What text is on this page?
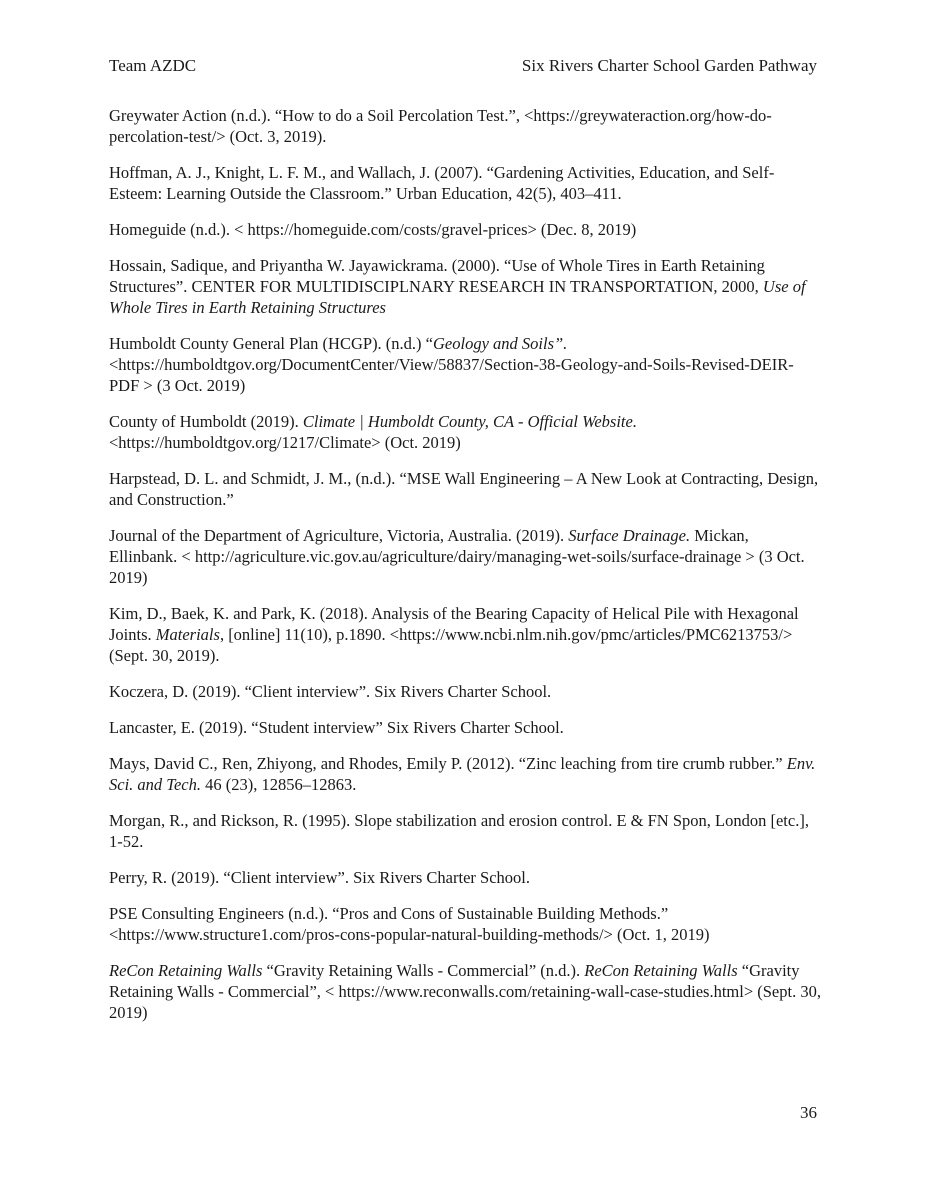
Team AZDC	Six Rivers Charter School Garden Pathway

Greywater Action (n.d.). “How to do a Soil Percolation Test.”, <https://greywateraction.org/how-do-percolation-test/> (Oct. 3, 2019).

Hoffman, A. J., Knight, L. F. M., and Wallach, J. (2007). “Gardening Activities, Education, and Self-Esteem: Learning Outside the Classroom.” Urban Education, 42(5), 403–411.

Homeguide (n.d.). < https://homeguide.com/costs/gravel-prices> (Dec. 8, 2019)

Hossain, Sadique, and Priyantha W. Jayawickrama. (2000). “Use of Whole Tires in Earth Retaining Structures”. CENTER FOR MULTIDISCIPLNARY RESEARCH IN TRANSPORTATION, 2000, Use of Whole Tires in Earth Retaining Structures

Humboldt County General Plan (HCGP). (n.d.) “Geology and Soils”. <https://humboldtgov.org/DocumentCenter/View/58837/Section-38-Geology-and-Soils-Revised-DEIR-PDF > (3 Oct. 2019)

County of Humboldt (2019). Climate | Humboldt County, CA - Official Website. <https://humboldtgov.org/1217/Climate> (Oct. 2019)

Harpstead, D. L. and Schmidt, J. M., (n.d.). “MSE Wall Engineering – A New Look at Contracting, Design, and Construction.”

Journal of the Department of Agriculture, Victoria, Australia. (2019). Surface Drainage. Mickan, Ellinbank. < http://agriculture.vic.gov.au/agriculture/dairy/managing-wet-soils/surface-drainage > (3 Oct. 2019)

Kim, D., Baek, K. and Park, K. (2018). Analysis of the Bearing Capacity of Helical Pile with Hexagonal Joints. Materials, [online] 11(10), p.1890. <https://www.ncbi.nlm.nih.gov/pmc/articles/PMC6213753/> (Sept. 30, 2019).

Koczera, D. (2019). “Client interview”. Six Rivers Charter School.

Lancaster, E. (2019). “Student interview” Six Rivers Charter School.

Mays, David C., Ren, Zhiyong, and Rhodes, Emily P. (2012). “Zinc leaching from tire crumb rubber.” Env. Sci. and Tech. 46 (23), 12856–12863.

Morgan, R., and Rickson, R. (1995). Slope stabilization and erosion control. E & FN Spon, London [etc.], 1-52.

Perry, R. (2019). “Client interview”. Six Rivers Charter School.

PSE Consulting Engineers (n.d.). “Pros and Cons of Sustainable Building Methods.” <https://www.structure1.com/pros-cons-popular-natural-building-methods/> (Oct. 1, 2019)

ReCon Retaining Walls “Gravity Retaining Walls - Commercial” (n.d.). ReCon Retaining Walls “Gravity Retaining Walls - Commercial”, < https://www.reconwalls.com/retaining-wall-case-studies.html> (Sept. 30, 2019)

36
